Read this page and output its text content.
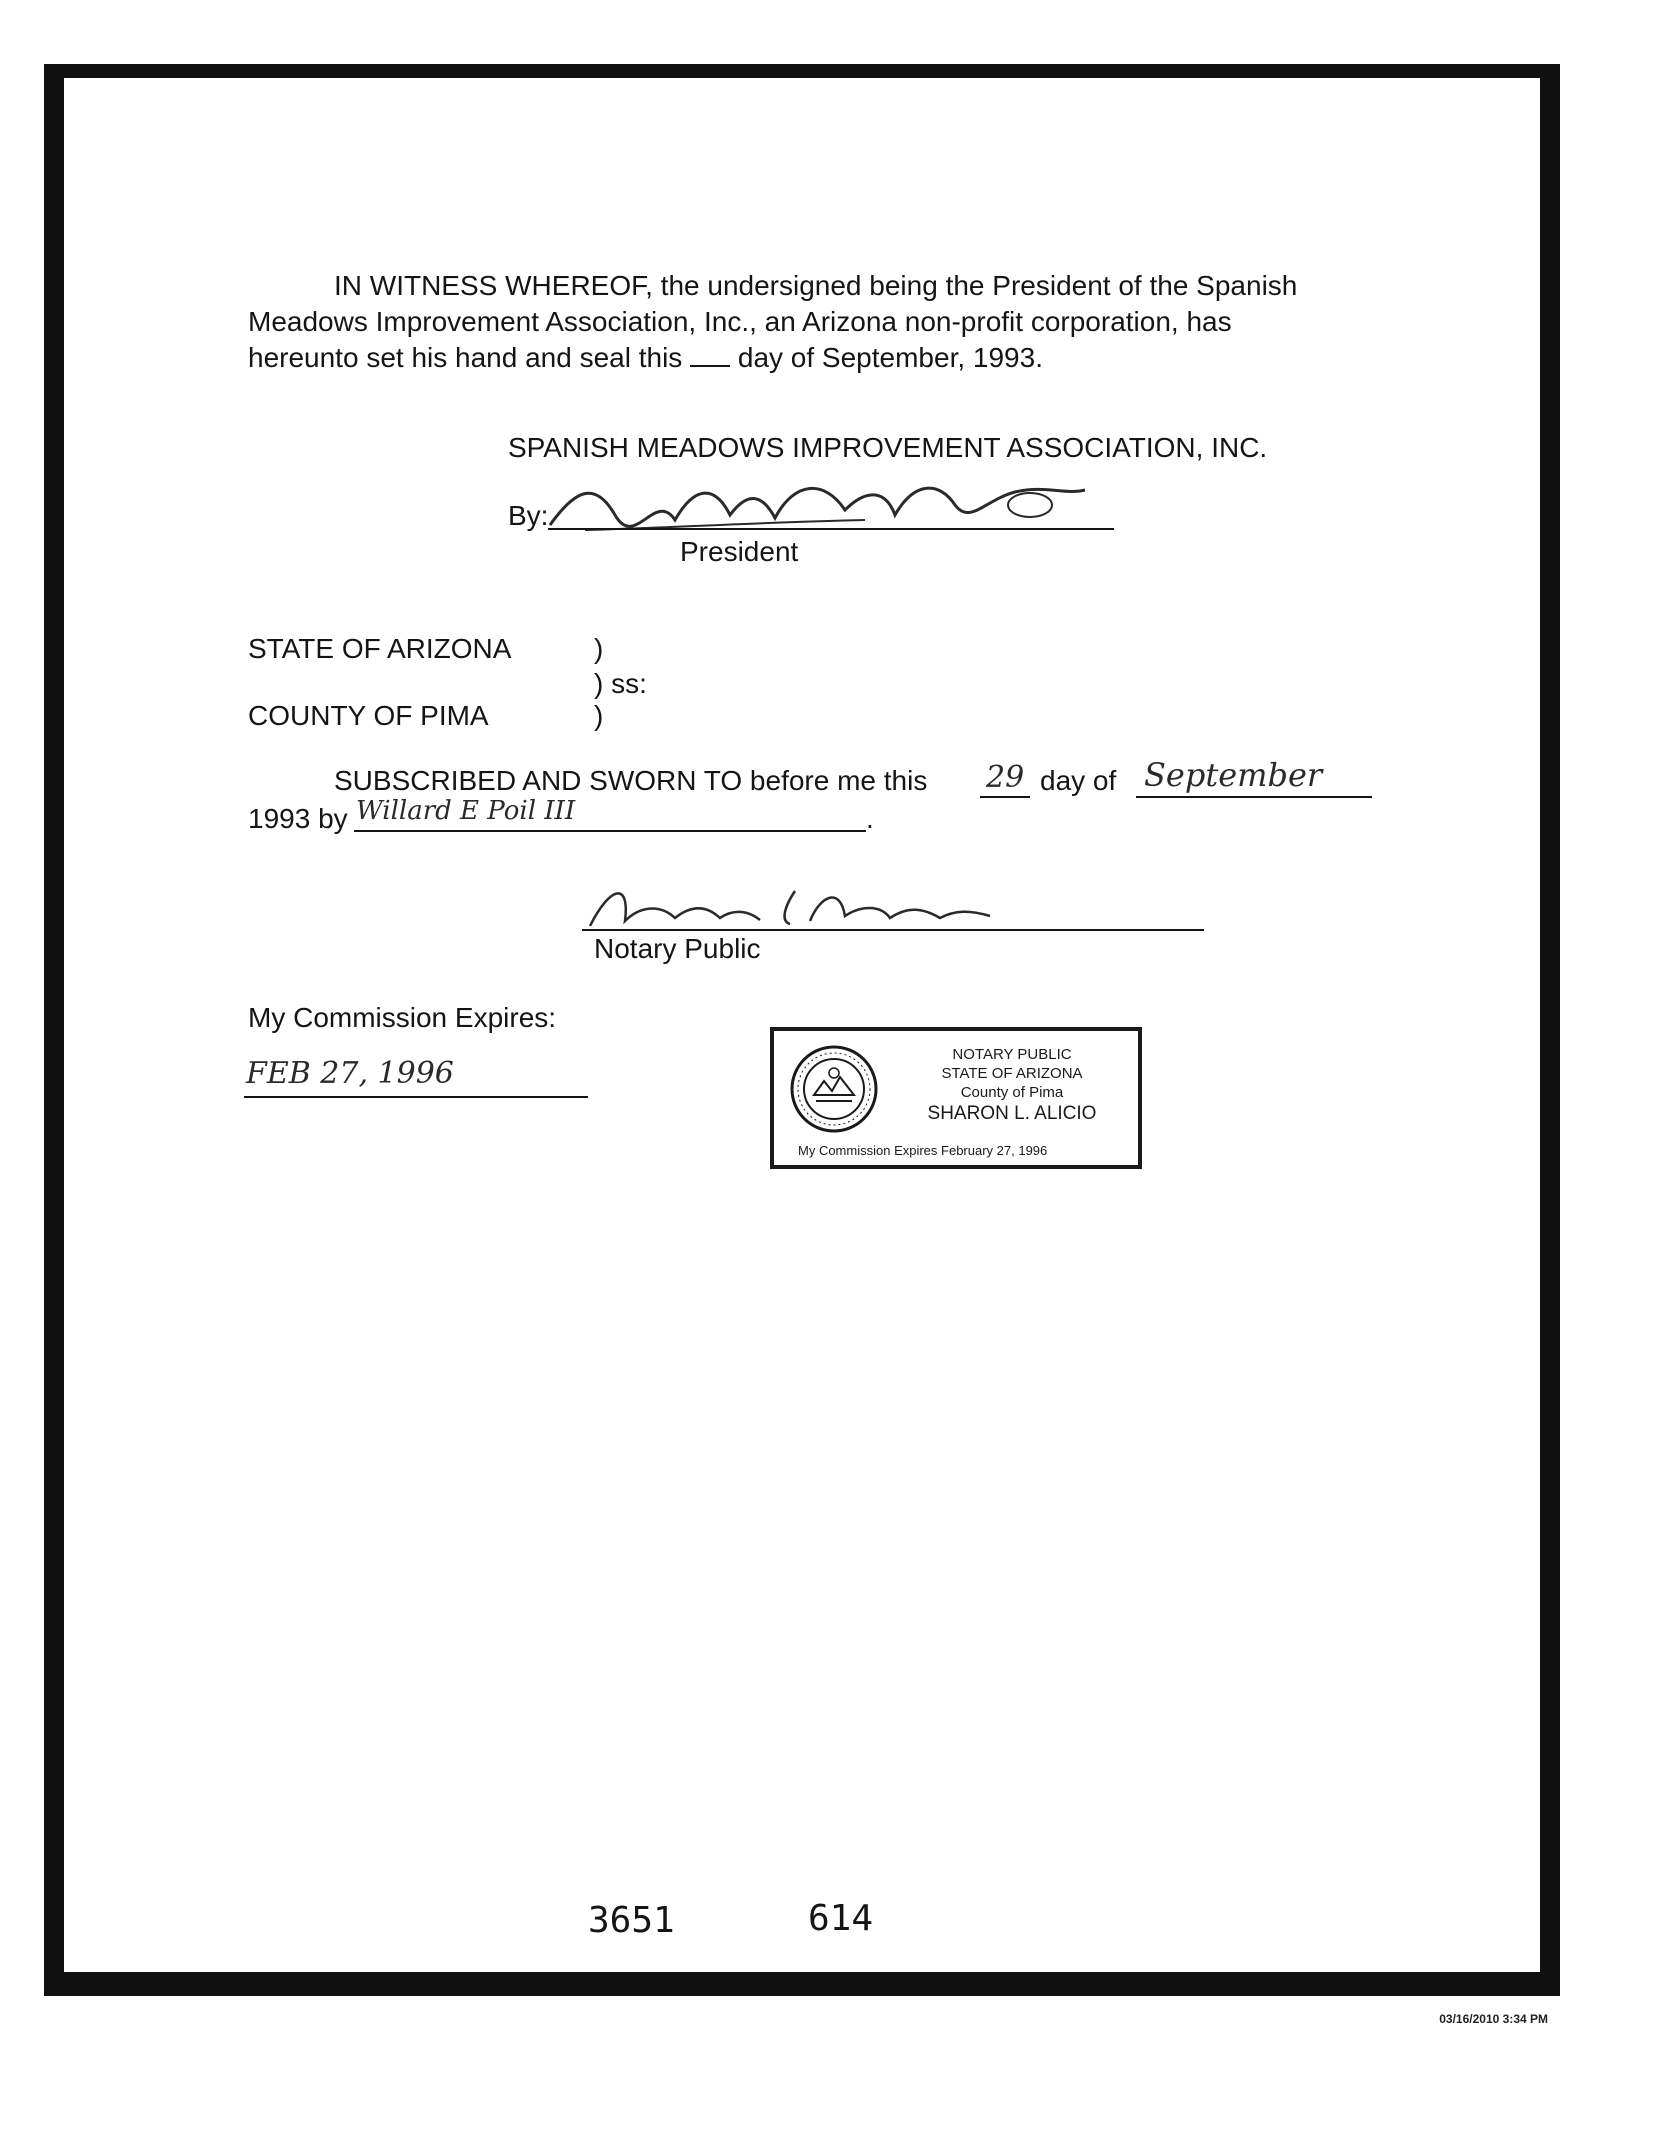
IN WITNESS WHEREOF, the undersigned being the President of the Spanish
Meadows Improvement Association, Inc., an Arizona non-profit corporation, has
hereunto set his hand and seal this day of September, 1993.
SPANISH MEADOWS IMPROVEMENT ASSOCIATION, INC.
By:
President
STATE OF ARIZONA	)
) ss:
COUNTY OF PIMA	)
SUBSCRIBED AND SWORN TO before me this 29 day of September
1993 by Willard E Poil III	.
Notary Public
My Commission Expires:
FEB 27, 1996
NOTARY PUBLIC
STATE OF ARIZONA
County of Pima
SHARON L. ALICIO
My Commission Expires February 27, 1996
3651	614
03/16/2010 3:34 PM
